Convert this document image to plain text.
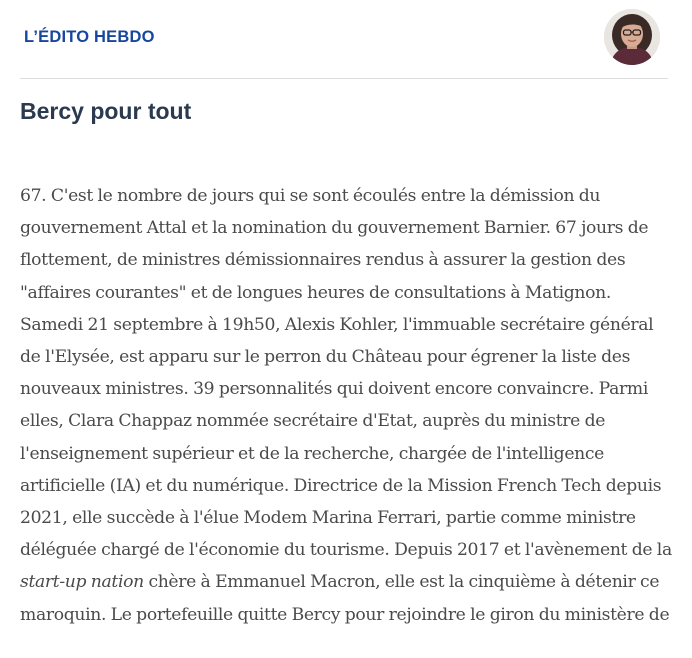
L’ÉDITO HEBDO
Bercy pour tout

67. C'est le nombre de jours qui se sont écoulés entre la démission du gouvernement Attal et la nomination du gouvernement Barnier. 67 jours de flottement, de ministres démissionnaires rendus à assurer la gestion des "affaires courantes" et de longues heures de consultations à Matignon. Samedi 21 septembre à 19h50, Alexis Kohler, l'immuable secrétaire général de l'Elysée, est apparu sur le perron du Château pour égrener la liste des nouveaux ministres. 39 personnalités qui doivent encore convaincre. Parmi elles, Clara Chappaz nommée secrétaire d'Etat, auprès du ministre de l'enseignement supérieur et de la recherche, chargée de l'intelligence artificielle (IA) et du numérique. Directrice de la Mission French Tech depuis 2021, elle succède à l'élue Modem Marina Ferrari, partie comme ministre déléguée chargé de l'économie du tourisme. Depuis 2017 et l'avènement de la start-up nation chère à Emmanuel Macron, elle est la cinquième à détenir ce maroquin. Le portefeuille quitte Bercy pour rejoindre le giron du ministère de
